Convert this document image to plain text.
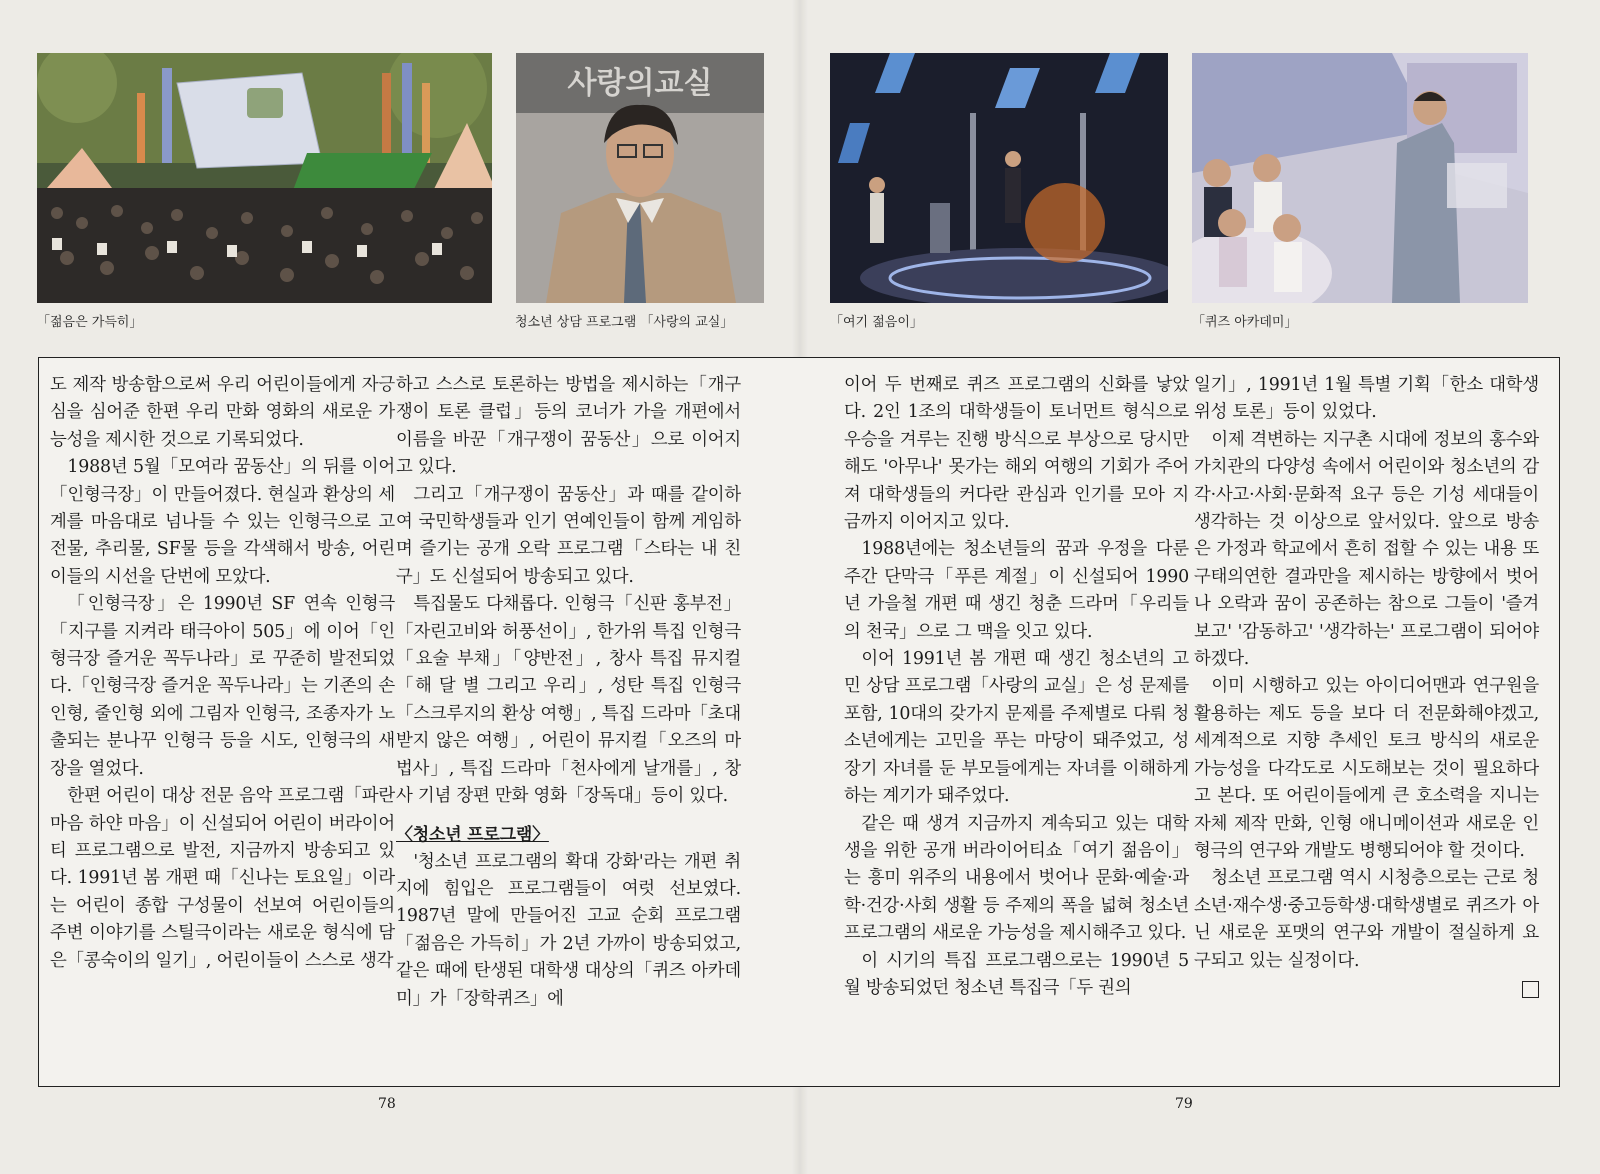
「젊음은 가득히」
사랑의교실
청소년 상담 프로그램 「사랑의 교실」	「여기 젊음이」	「퀴즈 아카데미」

도 제작 방송함으로써 우리 어린이들에게 자긍심을 심어준 한편 우리 만화 영화의 새로운 가능성을 제시한 것으로 기록되었다.

1988년 5월「모여라 꿈동산」의 뒤를 이어「인형극장」이 만들어졌다. 현실과 환상의 세계를 마음대로 넘나들 수 있는 인형극으로 고전물, 추리물, SF물 등을 각색해서 방송, 어린이들의 시선을 단번에 모았다.

「인형극장」은 1990년 SF 연속 인형극「지구를 지켜라 태극아이 505」에 이어「인형극장 즐거운 꼭두나라」로 꾸준히 발전되었다.「인형극장 즐거운 꼭두나라」는 기존의 손인형, 줄인형 외에 그림자 인형극, 조종자가 노출되는 분나꾸 인형극 등을 시도, 인형극의 새 장을 열었다.

한편 어린이 대상 전문 음악 프로그램「파란 마음 하얀 마음」이 신설되어 어린이 버라이어티 프로그램으로 발전, 지금까지 방송되고 있다. 1991년 봄 개편 때「신나는 토요일」이라는 어린이 종합 구성물이 선보여 어린이들의 주변 이야기를 스틸극이라는 새로운 형식에 담은「콩숙이의 일기」, 어린이들이 스스로 생각

하고 스스로 토론하는 방법을 제시하는「개구쟁이 토론 클럽」등의 코너가 가을 개편에서 이름을 바꾼「개구쟁이 꿈동산」으로 이어지고 있다.

그리고「개구쟁이 꿈동산」과 때를 같이하여 국민학생들과 인기 연예인들이 함께 게임하며 즐기는 공개 오락 프로그램「스타는 내 친구」도 신설되어 방송되고 있다.

특집물도 다채롭다. 인형극「신판 홍부전」「자린고비와 허풍선이」, 한가위 특집 인형극「요술 부채」「양반전」, 창사 특집 뮤지컬「해 달 별 그리고 우리」, 성탄 특집 인형극「스크루지의 환상 여행」, 특집 드라마「초대받지 않은 여행」, 어린이 뮤지컬「오즈의 마법사」, 특집 드라마「천사에게 날개를」, 창사 기념 장편 만화 영화「장독대」등이 있다.

〈청소년 프로그램〉

'청소년 프로그램의 확대 강화'라는 개편 취지에 힘입은 프로그램들이 여럿 선보였다. 1987년 말에 만들어진 고교 순회 프로그램「젊음은 가득히」가 2년 가까이 방송되었고, 같은 때에 탄생된 대학생 대상의「퀴즈 아카데미」가「장학퀴즈」에

이어 두 번째로 퀴즈 프로그램의 신화를 낳았다. 2인 1조의 대학생들이 토너먼트 형식으로 우승을 겨루는 진행 방식으로 부상으로 당시만 해도 '아무나' 못가는 해외 여행의 기회가 주어져 대학생들의 커다란 관심과 인기를 모아 지금까지 이어지고 있다.

1988년에는 청소년들의 꿈과 우정을 다룬 주간 단막극「푸른 계절」이 신설되어 1990년 가을철 개편 때 생긴 청춘 드라머「우리들의 천국」으로 그 맥을 잇고 있다.

이어 1991년 봄 개편 때 생긴 청소년의 고민 상담 프로그램「사랑의 교실」은 성 문제를 포함, 10대의 갖가지 문제를 주제별로 다뤄 청소년에게는 고민을 푸는 마당이 돼주었고, 성장기 자녀를 둔 부모들에게는 자녀를 이해하게 하는 계기가 돼주었다.

같은 때 생겨 지금까지 계속되고 있는 대학생을 위한 공개 버라이어티쇼「여기 젊음이」는 흥미 위주의 내용에서 벗어나 문화·예술·과학·건강·사회 생활 등 주제의 폭을 넓혀 청소년 프로그램의 새로운 가능성을 제시해주고 있다.

이 시기의 특집 프로그램으로는 1990년 5월 방송되었던 청소년 특집극「두 권의

일기」, 1991년 1월 특별 기획「한소 대학생 위성 토론」등이 있었다.

이제 격변하는 지구촌 시대에 정보의 홍수와 가치관의 다양성 속에서 어린이와 청소년의 감각·사고·사회·문화적 요구 등은 기성 세대들이 생각하는 것 이상으로 앞서있다. 앞으로 방송은 가정과 학교에서 흔히 접할 수 있는 내용 또 구태의연한 결과만을 제시하는 방향에서 벗어나 오락과 꿈이 공존하는 참으로 그들이 '즐겨보고' '감동하고' '생각하는' 프로그램이 되어야 하겠다.

이미 시행하고 있는 아이디어맨과 연구원을 활용하는 제도 등을 보다 더 전문화해야겠고, 세계적으로 지향 추세인 토크 방식의 새로운 가능성을 다각도로 시도해보는 것이 필요하다고 본다. 또 어린이들에게 큰 호소력을 지니는 자체 제작 만화, 인형 애니메이션과 새로운 인형극의 연구와 개발도 병행되어야 할 것이다.

청소년 프로그램 역시 시청층으로는 근로 청소년·재수생·중고등학생·대학생별로 퀴즈가 아닌 새로운 포맷의 연구와 개발이 절실하게 요구되고 있는 실정이다.

78	79
